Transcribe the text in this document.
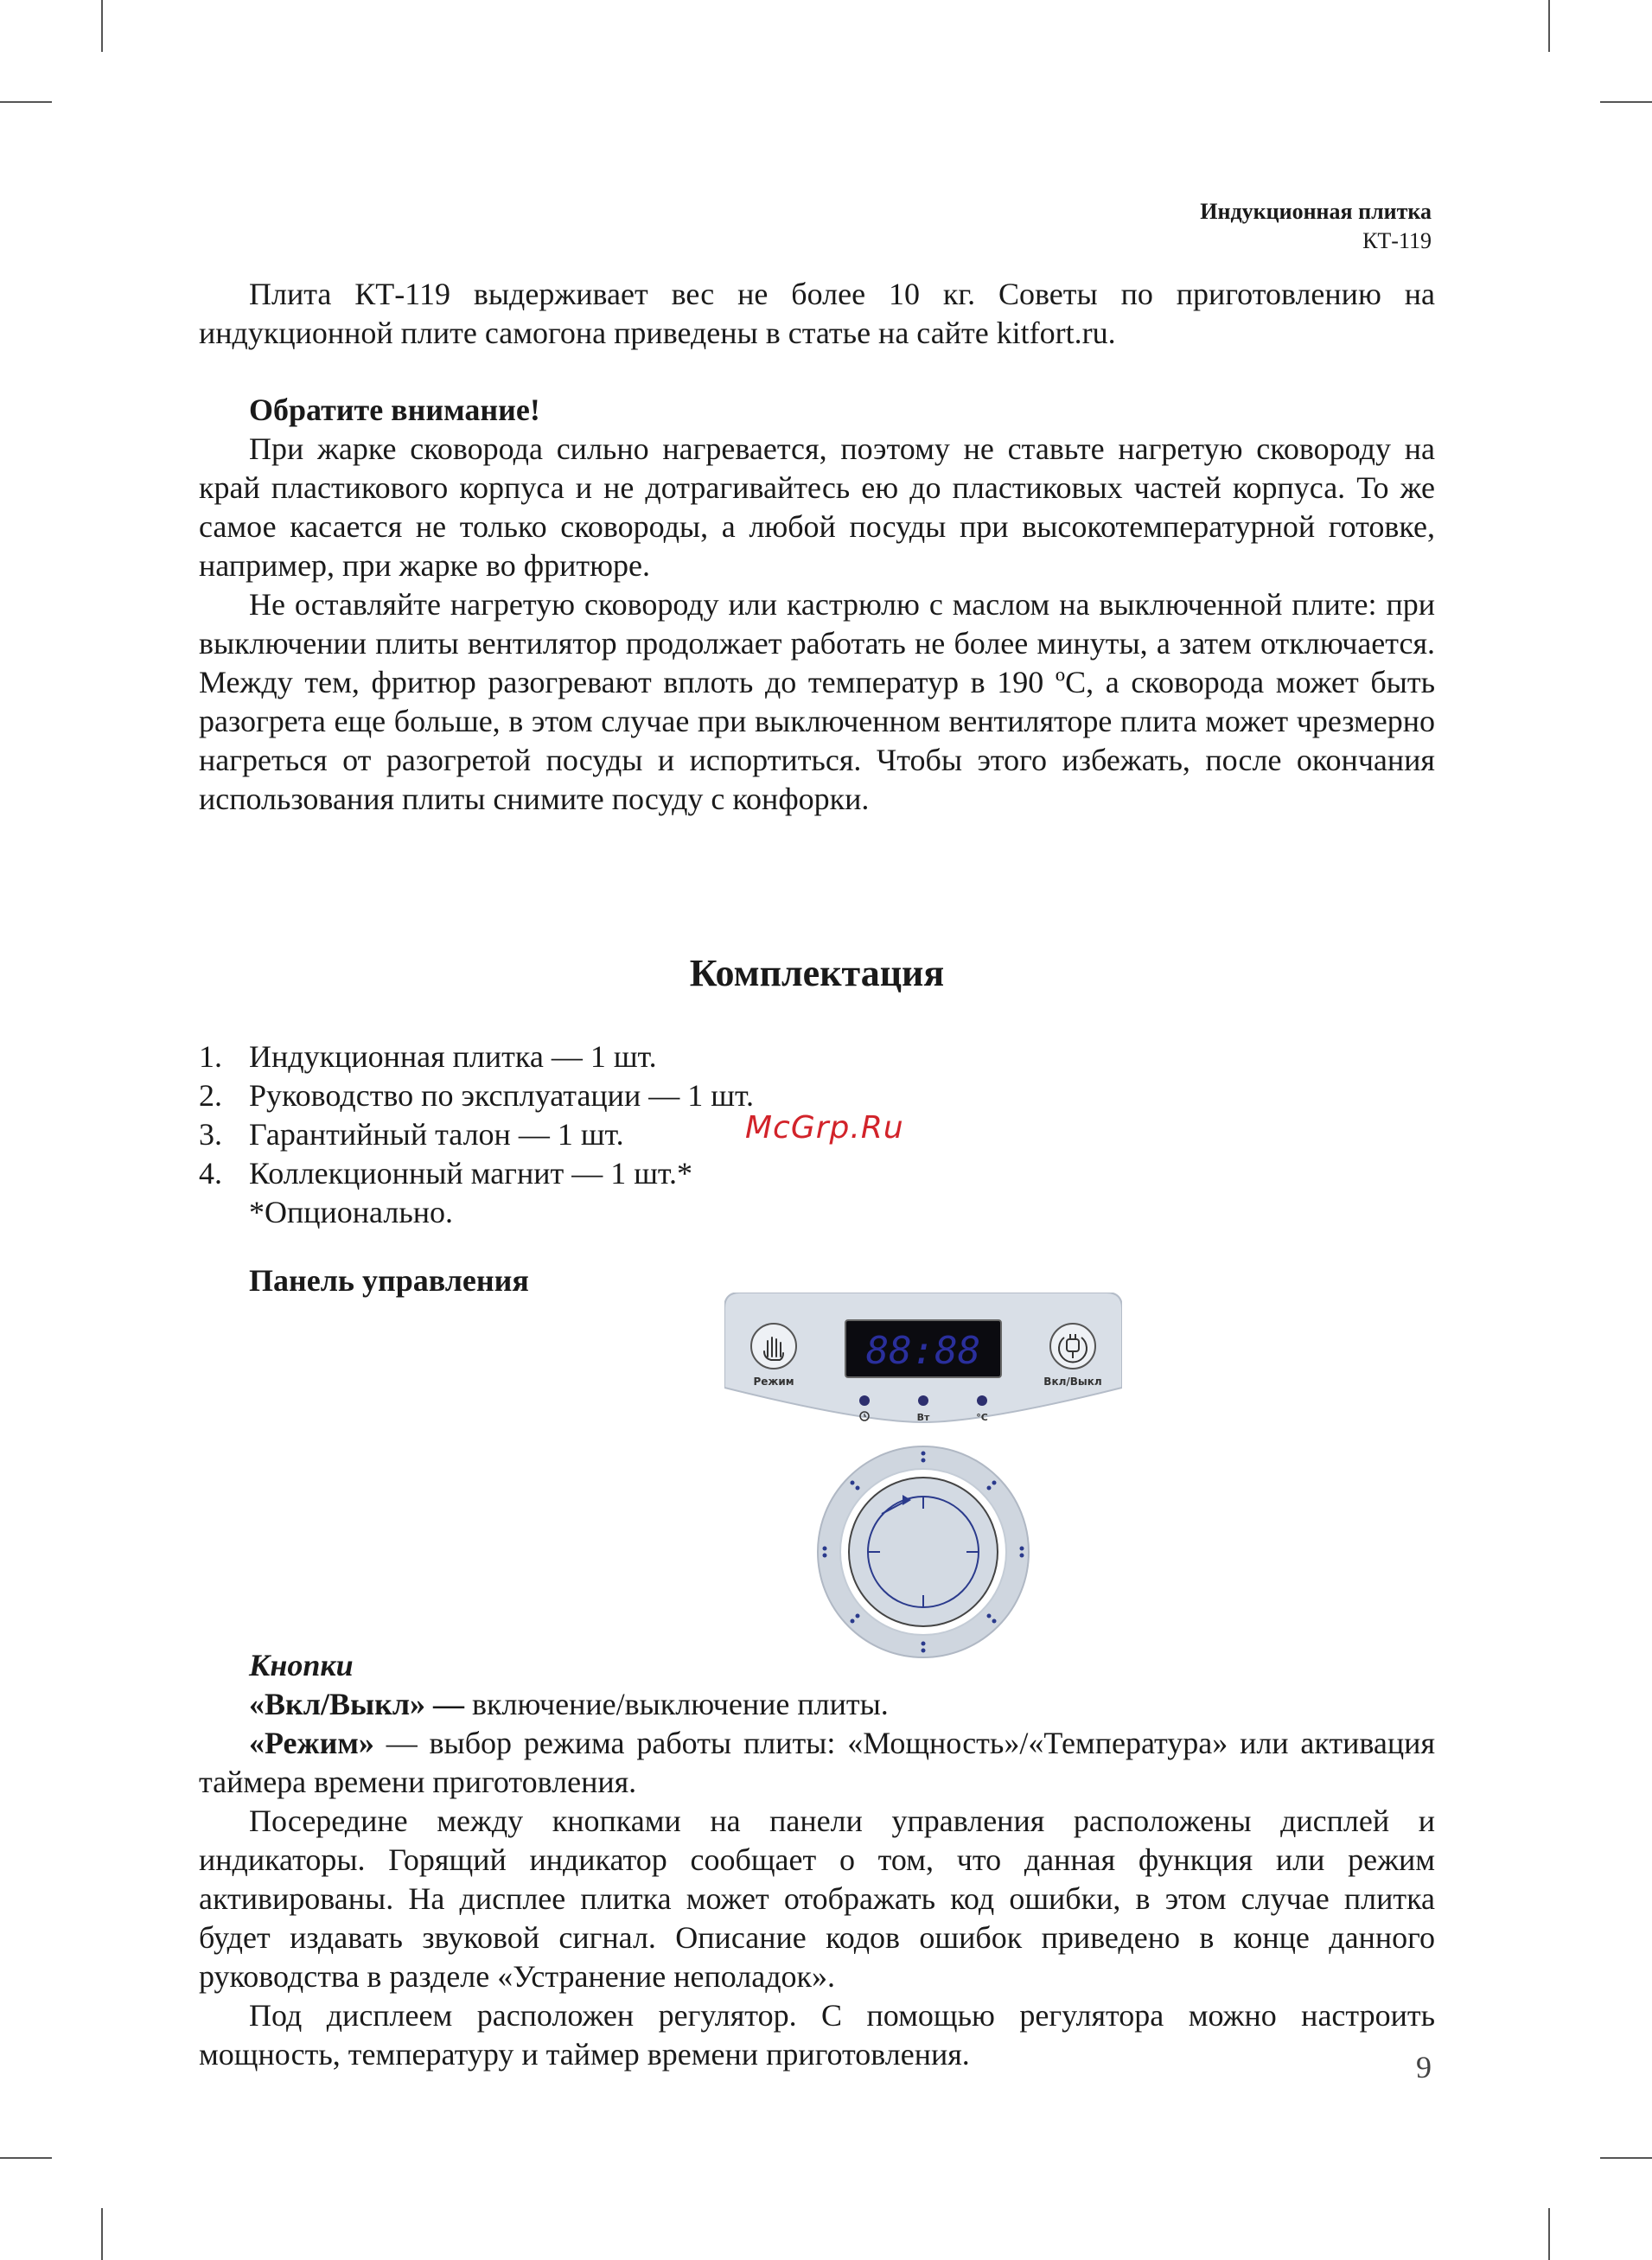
Индукционная плитка
КТ-119

Плита КТ-119 выдерживает вес не более 10 кг. Советы по приготовлению на индукционной плите самогона приведены в статье на сайте kitfort.ru.

Обратите внимание!

При жарке сковорода сильно нагревается, поэтому не ставьте нагретую сковороду на край пластикового корпуса и не дотрагивайтесь ею до пластиковых частей корпуса. То же самое касается не только сковороды, а любой посуды при высокотемпературной готовке, например, при жарке во фритюре.

Не оставляйте нагретую сковороду или кастрюлю с маслом на выключенной плите: при выключении плиты вентилятор продолжает работать не более минуты, а затем отключается. Между тем, фритюр разогревают вплоть до температур в 190 ºС, а сковорода может быть разогрета еще больше, в этом случае при выключенном вентиляторе плита может чрезмерно нагреться от разогретой посуды и испортиться. Чтобы этого избежать, после окончания использования плиты снимите посуду с конфорки.

Комплектация
1. Индукционная плитка — 1 шт.
2. Руководство по эксплуатации — 1 шт.
3. Гарантийный талон — 1 шт.
4. Коллекционный магнит — 1 шт.*
*Опционально.
McGrp.Ru
Панель управления
Режим	Вкл/Выкл
88:88
Вт	°C

Кнопки

«Вкл/Выкл» — включение/выключение плиты.

«Режим» — выбор режима работы плиты: «Мощность»/«Температура» или активация таймера времени приготовления.

Посередине между кнопками на панели управления расположены дисплей и индикаторы. Горящий индикатор сообщает о том, что данная функция или режим активированы. На дисплее плитка может отображать код ошибки, в этом случае плитка будет издавать звуковой сигнал. Описание кодов ошибок приведено в конце данного руководства в разделе «Устранение неполадок».

Под дисплеем расположен регулятор. С помощью регулятора можно настроить мощность, температуру и таймер времени приготовления.	9
